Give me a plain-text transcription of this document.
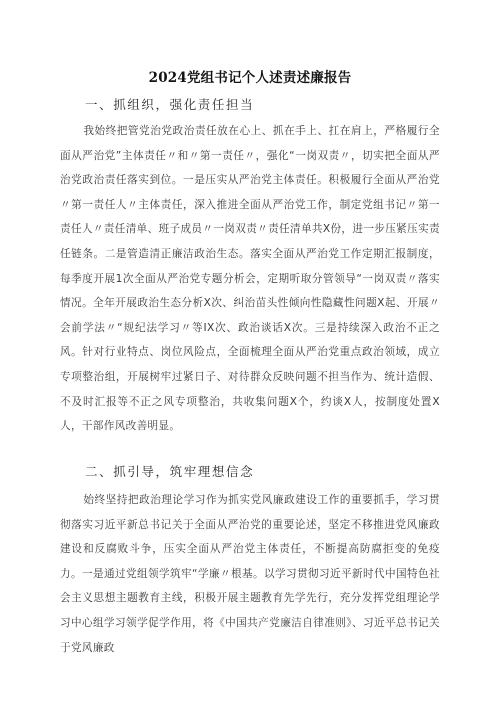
2024党组书记个人述责述廉报告
一、抓组织，强化责任担当

我始终把管党治党政治责任放在心上、抓在手上、扛在肩上，严格履行全面从严治党”主体责任〃和〃第一责任〃，强化“一岗双责〃，切实把全面从严治党政治责任落实到位。一是压实从严治党主体责任。积极履行全面从严治党〃第一责任人〃主体责任，深入推进全面从严治党工作，制定党组书记〃第一责任人〃责任清单、班子成员〃一岗双责〃责任清单共X份，进一步压紧压实责任链条。二是管造清正廉洁政治生态。落实全面从严治党工作定期汇报制度，每季度开展1次全面从严治党专题分析会，定期听取分管领导“一岗双责〃落实情况。全年开展政治生态分析X次、纠治苗头性倾向性隐藏性问题X起、开展〃会前学法〃“规纪法学习〃等IX次、政治谈话X次。三是持续深入政治不正之风。针对行业特点、岗位风险点，全面梳理全面从严治党重点政治领域，成立专项整治组，开展树牢过紧日子、对待群众反映问题不担当作为、统计造假、不及时汇报等不正之风专项整治，共收集问题X个，约谈X人，按制度处置X人，干部作风改善明显。

二、抓引导，筑牢理想信念

始终坚持把政治理论学习作为抓实党风廉政建设工作的重要抓手，学习贯彻落实习近平新总书记关于全面从严治党的重要论述，坚定不移推进党风廉政建设和反腐败斗争，压实全面从严治党主体责任，不断提高防腐拒变的免疫力。一是通过党组领学筑牢“学廉〃根基。以学习贯彻习近平新时代中国特色社会主义思想主题教育主线，积极开展主题教育先学先行，充分发挥党组理论学习中心组学习领学促学作用，将《中国共产党廉洁自律准则》、习近平总书记关于党风廉政
